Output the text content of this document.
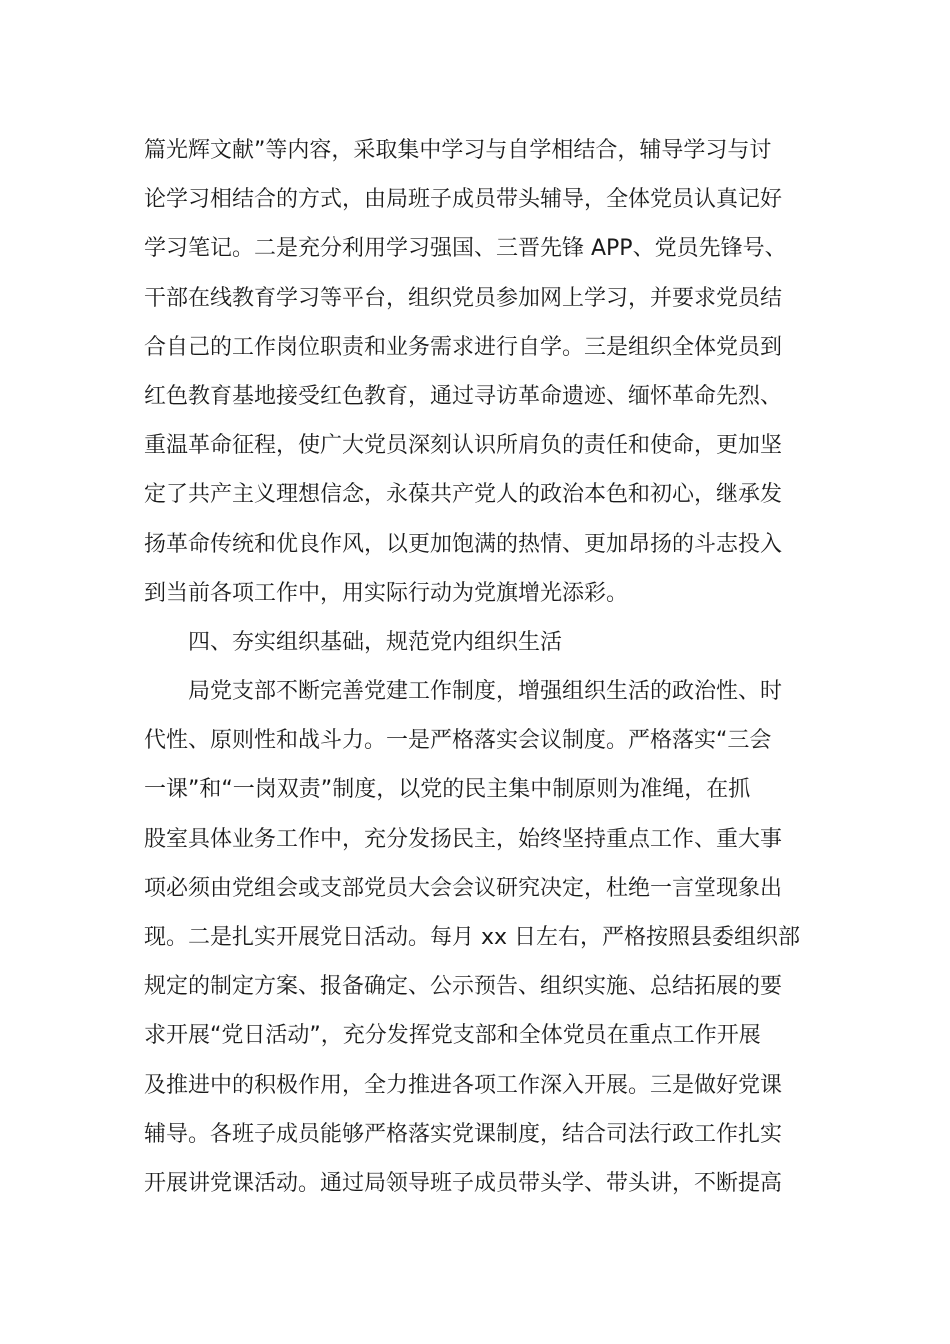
篇光辉文献”等内容，采取集中学习与自学相结合，辅导学习与讨
论学习相结合的方式，由局班子成员带头辅导，全体党员认真记好
学习笔记。二是充分利用学习强国、三晋先锋 APP、党员先锋号、
干部在线教育学习等平台，组织党员参加网上学习，并要求党员结
合自己的工作岗位职责和业务需求进行自学。三是组织全体党员到
红色教育基地接受红色教育，通过寻访革命遗迹、缅怀革命先烈、
重温革命征程，使广大党员深刻认识所肩负的责任和使命，更加坚
定了共产主义理想信念，永葆共产党人的政治本色和初心，继承发
扬革命传统和优良作风，以更加饱满的热情、更加昂扬的斗志投入
到当前各项工作中，用实际行动为党旗增光添彩。
四、夯实组织基础，规范党内组织生活
局党支部不断完善党建工作制度，增强组织生活的政治性、时
代性、原则性和战斗力。一是严格落实会议制度。严格落实“三会
一课”和“一岗双责”制度，以党的民主集中制原则为准绳，在抓
股室具体业务工作中，充分发扬民主，始终坚持重点工作、重大事
项必须由党组会或支部党员大会会议研究决定，杜绝一言堂现象出
现。二是扎实开展党日活动。每月 xx 日左右，严格按照县委组织部
规定的制定方案、报备确定、公示预告、组织实施、总结拓展的要
求开展“党日活动”，充分发挥党支部和全体党员在重点工作开展
及推进中的积极作用，全力推进各项工作深入开展。三是做好党课
辅导。各班子成员能够严格落实党课制度，结合司法行政工作扎实
开展讲党课活动。通过局领导班子成员带头学、带头讲，不断提高
